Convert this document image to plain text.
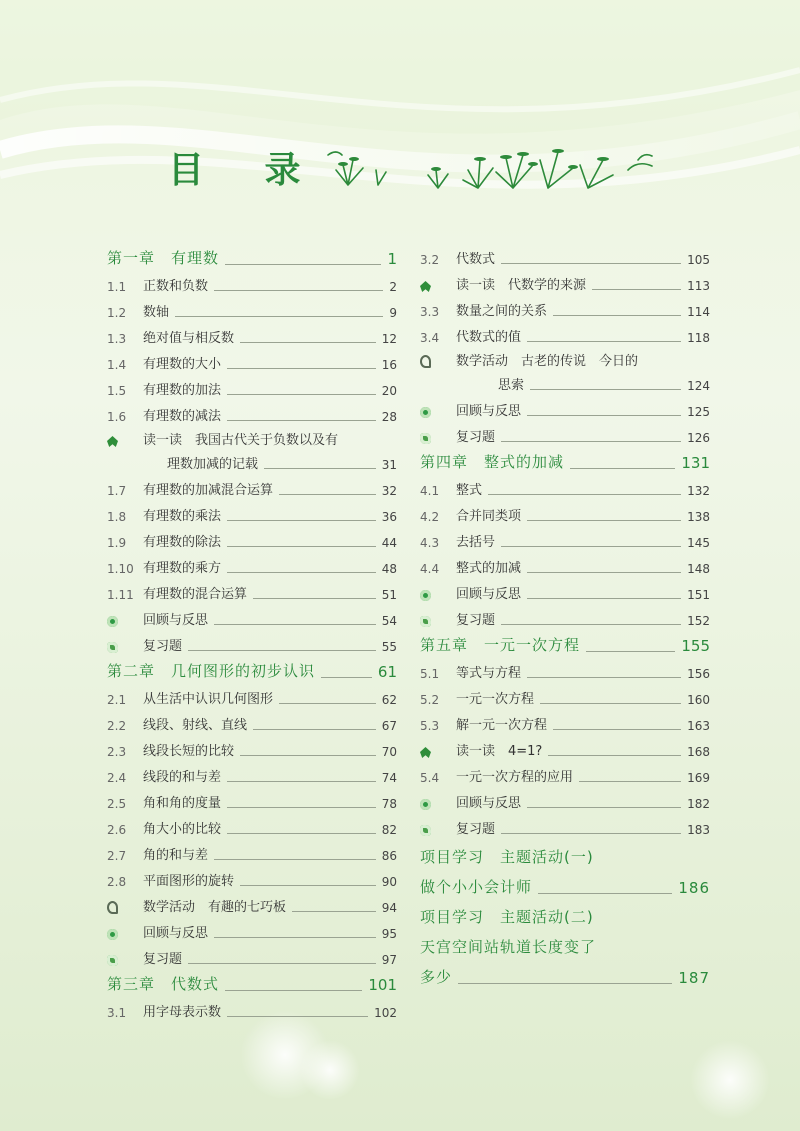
目 录
第一章　有理数	1
1.1	正数和负数	2
1.2	数轴	9
1.3	绝对值与相反数	12
1.4	有理数的大小	16
1.5	有理数的加法	20
1.6	有理数的减法	28
读一读　我国古代关于负数以及有
理数加减的记载	31
1.7	有理数的加减混合运算	32
1.8	有理数的乘法	36
1.9	有理数的除法	44
1.10 有理数的乘方	48
1.11 有理数的混合运算	51
回顾与反思	54
复习题	55
第二章　几何图形的初步认识	61
2.1	从生活中认识几何图形	62
2.2	线段、射线、直线	67
2.3	线段长短的比较	70
2.4	线段的和与差	74
2.5	角和角的度量	78
2.6	角大小的比较	82
2.7	角的和与差	86
2.8	平面图形的旋转	90
数学活动　有趣的七巧板	94
回顾与反思	95
复习题	97
第三章　代数式	101
3.1	用字母表示数	102
3.2	代数式	105
读一读　代数学的来源	113
3.3	数量之间的关系	114
3.4	代数式的值	118
数学活动　古老的传说　今日的
思索	124
回顾与反思	125
复习题	126
第四章　整式的加减	131
4.1	整式	132
4.2	合并同类项	138
4.3	去括号	145
4.4	整式的加减	148
回顾与反思	151
复习题	152
第五章　一元一次方程	155
5.1	等式与方程	156
5.2	一元一次方程	160
5.3	解一元一次方程	163
读一读　4=1?	168
5.4	一元一次方程的应用	169
回顾与反思	182
复习题	183
项目学习　主题活动(一)
做个小小会计师	186
项目学习　主题活动(二)
天宫空间站轨道长度变了
多少	187
